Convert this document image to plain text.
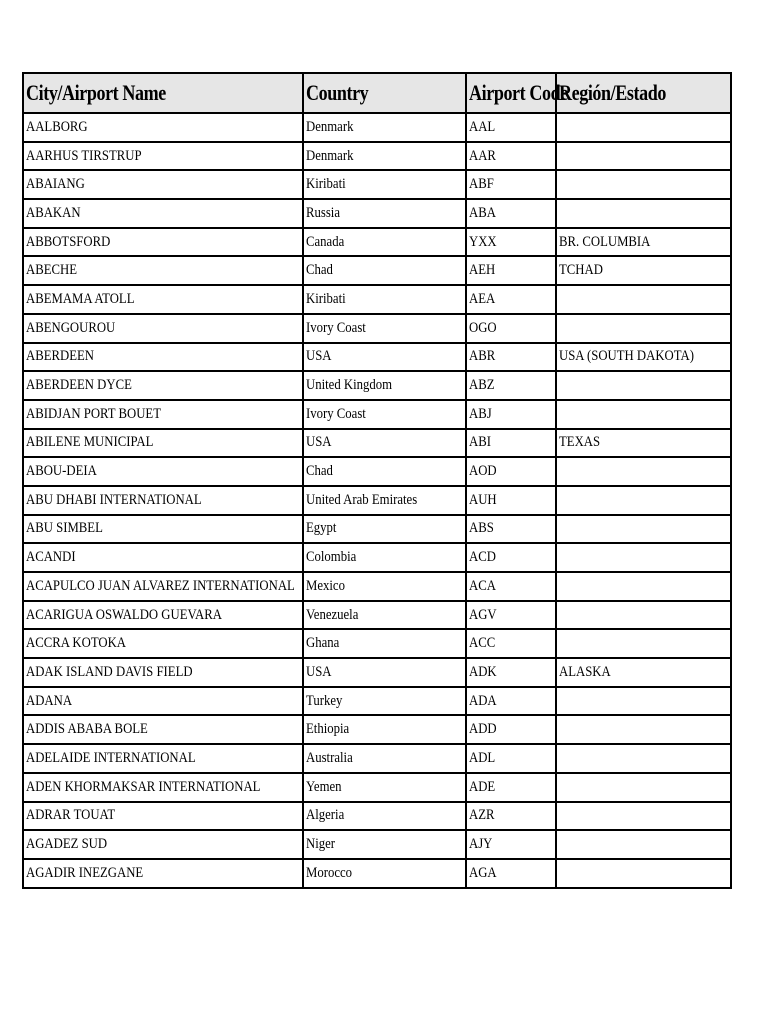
City/Airport Name	Country	Airport Code	Región/Estado
AALBORG	Denmark	AAL	
AARHUS TIRSTRUP	Denmark	AAR	
ABAIANG	Kiribati	ABF	
ABAKAN	Russia	ABA	
ABBOTSFORD	Canada	YXX	BR. COLUMBIA
ABECHE	Chad	AEH	TCHAD
ABEMAMA ATOLL	Kiribati	AEA	
ABENGOUROU	Ivory Coast	OGO	
ABERDEEN	USA	ABR	USA (SOUTH DAKOTA)
ABERDEEN DYCE	United Kingdom	ABZ	
ABIDJAN PORT BOUET	Ivory Coast	ABJ	
ABILENE MUNICIPAL	USA	ABI	TEXAS
ABOU-DEIA	Chad	AOD	
ABU DHABI INTERNATIONAL	United Arab Emirates	AUH	
ABU SIMBEL	Egypt	ABS	
ACANDI	Colombia	ACD	
ACAPULCO JUAN ALVAREZ INTERNATIONAL	Mexico	ACA	
ACARIGUA OSWALDO GUEVARA	Venezuela	AGV	
ACCRA KOTOKA	Ghana	ACC	
ADAK ISLAND DAVIS FIELD	USA	ADK	ALASKA
ADANA	Turkey	ADA	
ADDIS ABABA BOLE	Ethiopia	ADD	
ADELAIDE INTERNATIONAL	Australia	ADL	
ADEN KHORMAKSAR INTERNATIONAL	Yemen	ADE	
ADRAR TOUAT	Algeria	AZR	
AGADEZ SUD	Niger	AJY	
AGADIR INEZGANE	Morocco	AGA	
